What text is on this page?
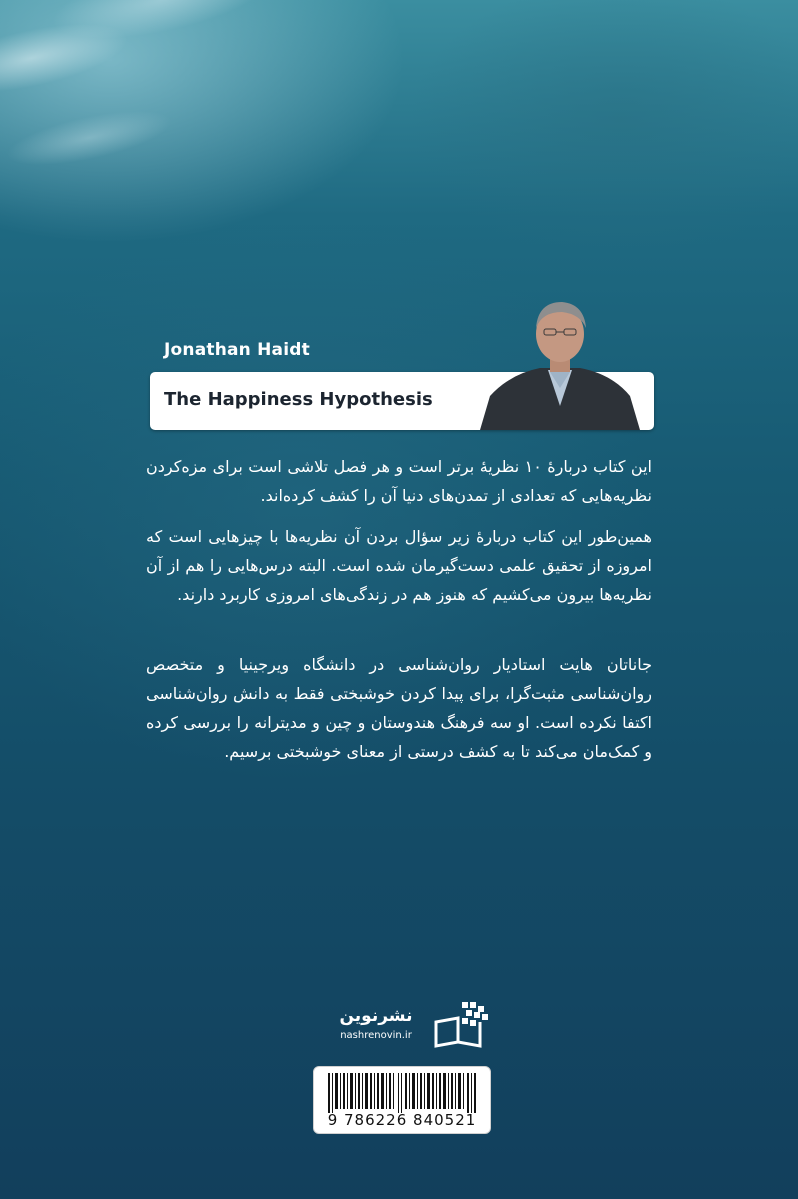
Jonathan Haidt
The Happiness Hypothesis
این کتاب دربارهٔ ۱۰ نظریهٔ برتر است و هر فصل تلاشی است برای مزه‌کردن نظریه‌هایی که تعدادی از تمدن‌های دنیا آن را کشف کرده‌اند.
همین‌طور این کتاب دربارهٔ زیر سؤال بردن آن نظریه‌ها با چیزهایی است که امروزه از تحقیق علمی دست‌گیرمان شده است. البته درس‌هایی را هم از آن نظریه‌ها بیرون می‌کشیم که هنوز هم در زندگی‌های امروزی کاربرد دارند.
جاناتان هایت استادیار روان‌شناسی در دانشگاه ویرجینیا و متخصص روان‌شناسی مثبت‌گرا، برای پیدا کردن خوشبختی فقط به دانش روان‌شناسی اکتفا نکرده است. او سه فرهنگ هندوستان و چین و مدیترانه را بررسی کرده و کمک‌مان می‌کند تا به کشف درستی از معنای خوشبختی برسیم.
نشرنوین
nashrenovin.ir
9 786226 840521
